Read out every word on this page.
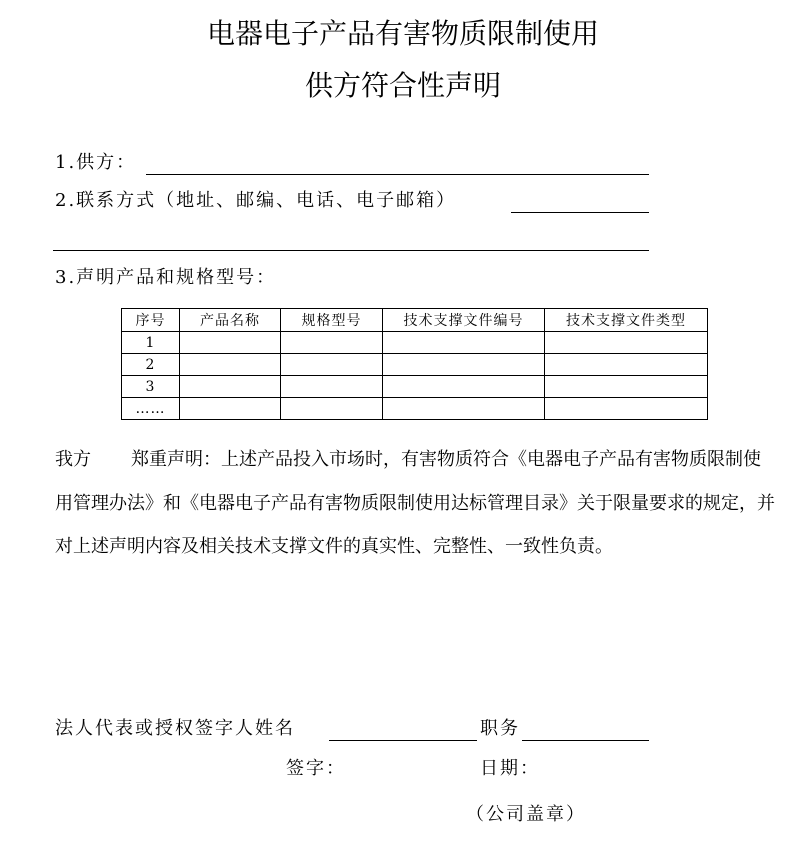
电器电子产品有害物质限制使用
供方符合性声明
1.供方：
2.联系方式（地址、邮编、电话、电子邮箱）
3.声明产品和规格型号：
序号	产品名称	规格型号	技术支撑文件编号	技术支撑文件类型
1				
2				
3				
……				
我方 郑重声明：上述产品投入市场时，有害物质符合《电器电子产品有害物质限制使用管理办法》和《电器电子产品有害物质限制使用达标管理目录》关于限量要求的规定，并对上述声明内容及相关技术支撑文件的真实性、完整性、一致性负责。
法人代表或授权签字人姓名	职务
签字：	日期：
（公司盖章）
